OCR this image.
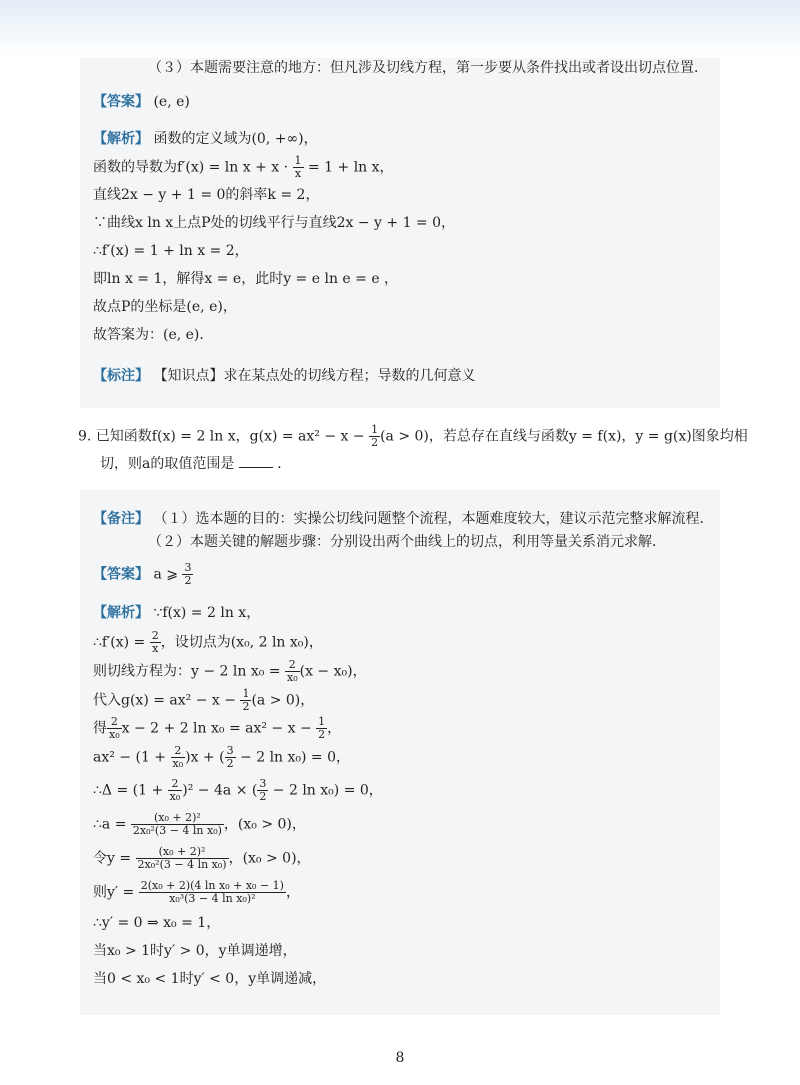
（３）本题需要注意的地方：但凡涉及切线方程，第一步要从条件找出或者设出切点位置．
【答案】 (e, e)
【解析】 函数的定义域为(0, +∞)，
函数的导数为$f'(x) = \ln x + x \cdot \frac{1}{x} = 1 + \ln x$，
直线2x − y + 1 = 0的斜率k = 2，
∵曲线x ln x上点P处的切线平行与直线2x − y + 1 = 0，
∴f′(x) = 1 + ln x = 2，
即ln x = 1，解得x = e，此时y = e ln e = e ，
故点P的坐标是(e, e)，
故答案为：(e, e)．
【标注】 【知识点】求在某点处的切线方程；导数的几何意义
9. 已知函数f(x) = 2 ln x，$g(x) = ax^2 - x - \frac{1}{2} (a > 0)$，若总存在直线与函数y = f(x)，y = g(x)图象均相
切，则a的取值范围是	．
【备注】 （１）选本题的目的：实操公切线问题整个流程，本题难度较大，建议示范完整求解流程．
（２）本题关键的解题步骤：分别设出两个曲线上的切点，利用等量关系消元求解．
【答案】 a ⩾ $\frac{3}{2}$
【解析】 ∵f(x) = 2 ln x，
∴f′(x) = $\frac{2}{x}$ ，设切点为(x₀, 2 ln x₀)，
则切线方程为：y − 2 $\ln x_0 = \frac{2}{\text{x₀}} (x - x_0)$，
代入$g(x) = ax^2 - x - \frac{1}{2} (a > 0)$，
得 $\frac{2}{\text{x₀}}$ x − 2 + 2 $\ln x_0 = ax^2 - x - \frac{1}{2}$ ，
$ax^2 - (1 + \frac{2}{\text{x₀}} )x$ + ( $\frac{3}{2} - 2$ ln x₀) = 0，
∴Δ = $(1 + \frac{2}{\text{x₀}} )^2 - 4a$ × ( $\frac{3}{2} - 2$ ln x₀) = 0，
∴a = $\frac{\text{(x₀ + 2)²}}{\text{2x₀²(3 − 4 ln x₀)}}$ ，(x₀ > 0)，
令$y = \frac{\text{(x₀ + 2)²}}{\text{2x₀²(3 − 4 ln x₀)}}$ ，(x₀ > 0)，
则$y' = \frac{\text{2(x₀ + 2)(4 ln x₀ + x₀ − 1)}}{\text{x₀³(3 − 4 ln x₀)²}}$ ，
∴y′ = 0 ⇒ x₀ = 1，
当x₀ > 1时y′ > 0，y单调递增，
当0 < x₀ < 1时y′ < 0，y单调递减，
8
